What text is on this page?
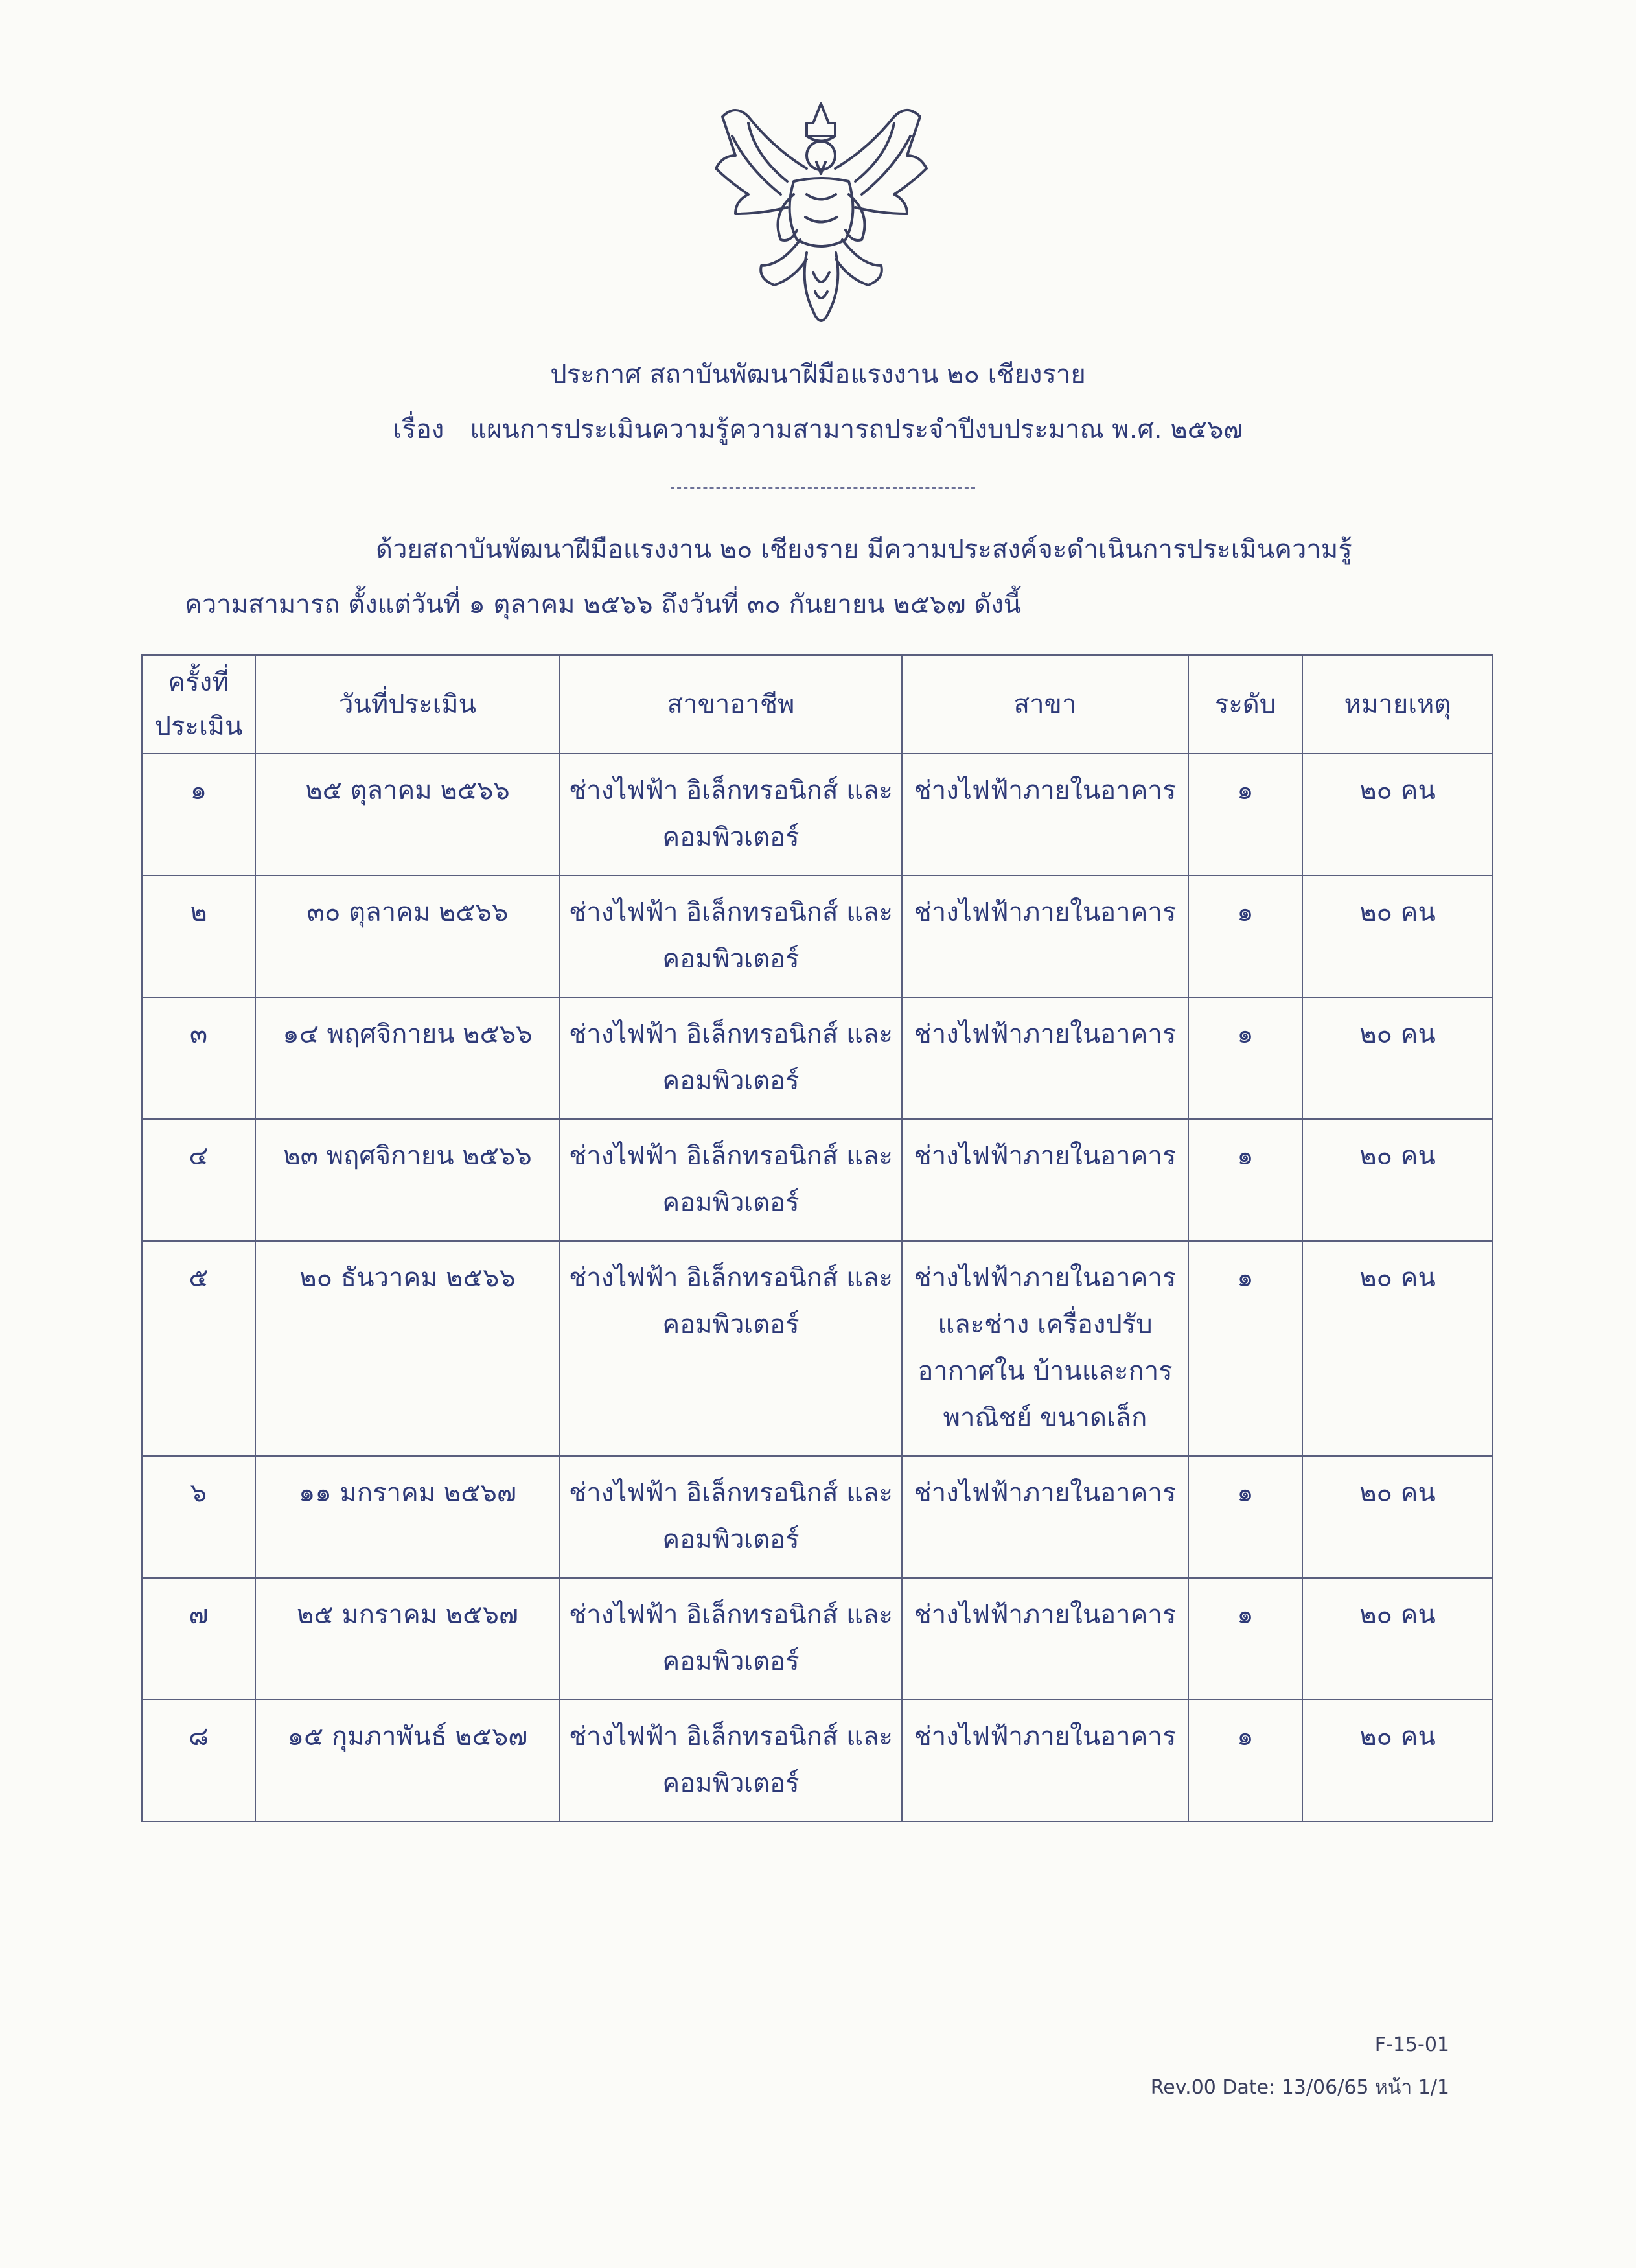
ประกาศ สถาบันพัฒนาฝีมือแรงงาน ๒๐ เชียงราย
เรื่อง แผนการประเมินความรู้ความสามารถประจำปีงบประมาณ พ.ศ. ๒๕๖๗
ด้วยสถาบันพัฒนาฝีมือแรงงาน ๒๐ เชียงราย มีความประสงค์จะดำเนินการประเมินความรู้
ความสามารถ ตั้งแต่วันที่ ๑ ตุลาคม ๒๕๖๖ ถึงวันที่ ๓๐ กันยายน ๒๕๖๗ ดังนี้
ครั้งที่ ประเมิน	วันที่ประเมิน	สาขาอาชีพ	สาขา	ระดับ	หมายเหตุ
๑	๒๕ ตุลาคม ๒๕๖๖	ช่างไฟฟ้า อิเล็กทรอนิกส์ และคอมพิวเตอร์	ช่างไฟฟ้าภายในอาคาร	๑	๒๐ คน
๒	๓๐ ตุลาคม ๒๕๖๖	ช่างไฟฟ้า อิเล็กทรอนิกส์ และคอมพิวเตอร์	ช่างไฟฟ้าภายในอาคาร	๑	๒๐ คน
๓	๑๔ พฤศจิกายน ๒๕๖๖	ช่างไฟฟ้า อิเล็กทรอนิกส์ และคอมพิวเตอร์	ช่างไฟฟ้าภายในอาคาร	๑	๒๐ คน
๔	๒๓ พฤศจิกายน ๒๕๖๖	ช่างไฟฟ้า อิเล็กทรอนิกส์ และคอมพิวเตอร์	ช่างไฟฟ้าภายในอาคาร	๑	๒๐ คน
๕	๒๐ ธันวาคม ๒๕๖๖	ช่างไฟฟ้า อิเล็กทรอนิกส์ และคอมพิวเตอร์	ช่างไฟฟ้าภายในอาคาร และช่าง เครื่องปรับอากาศใน บ้านและการพาณิชย์ ขนาดเล็ก	๑	๒๐ คน
๖	๑๑ มกราคม ๒๕๖๗	ช่างไฟฟ้า อิเล็กทรอนิกส์ และคอมพิวเตอร์	ช่างไฟฟ้าภายในอาคาร	๑	๒๐ คน
๗	๒๕ มกราคม ๒๕๖๗	ช่างไฟฟ้า อิเล็กทรอนิกส์ และคอมพิวเตอร์	ช่างไฟฟ้าภายในอาคาร	๑	๒๐ คน
๘	๑๕ กุมภาพันธ์ ๒๕๖๗	ช่างไฟฟ้า อิเล็กทรอนิกส์ และคอมพิวเตอร์	ช่างไฟฟ้าภายในอาคาร	๑	๒๐ คน
F-15-01
Rev.00 Date: 13/06/65 หน้า 1/1
